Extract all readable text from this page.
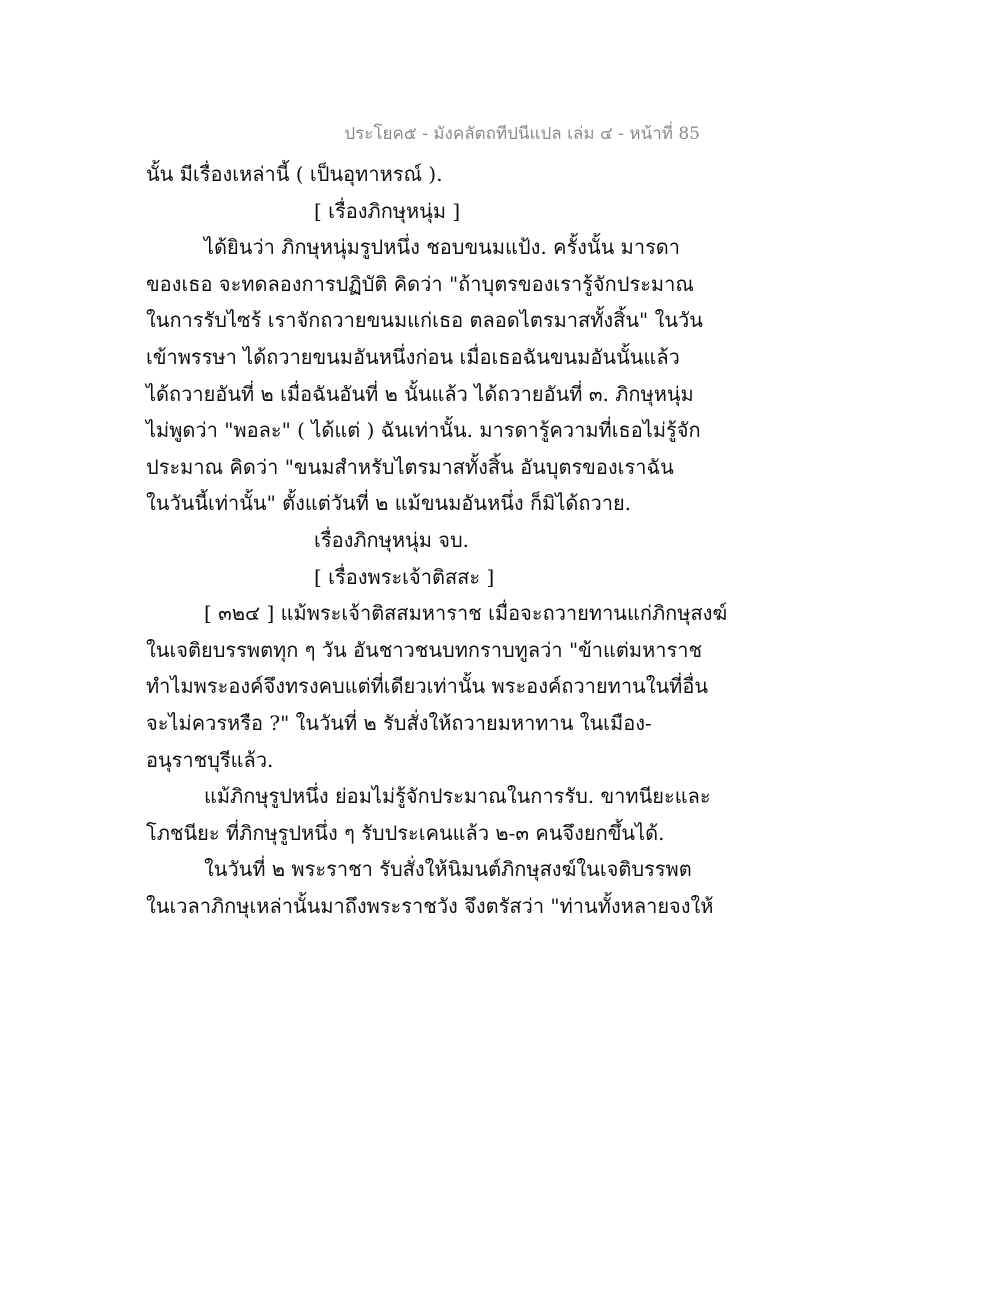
ประโยค๕ - มังคลัตถทีปนีแปล เล่ม ๔ - หน้าที่ 85
นั้น มีเรื่องเหล่านี้ ( เป็นอุทาหรณ์ ).
[ เรื่องภิกษุหนุ่ม ]
ได้ยินว่า ภิกษุหนุ่มรูปหนึ่ง ชอบขนมแป้ง. ครั้งนั้น มารดา
ของเธอ จะทดลองการปฏิบัติ คิดว่า "ถ้าบุตรของเรารู้จักประมาณ
ในการรับไซร้ เราจักถวายขนมแก่เธอ ตลอดไตรมาสทั้งสิ้น" ในวัน
เข้าพรรษา ได้ถวายขนมอันหนึ่งก่อน เมื่อเธอฉันขนมอันนั้นแล้ว
ได้ถวายอันที่ ๒ เมื่อฉันอันที่ ๒ นั้นแล้ว ได้ถวายอันที่ ๓. ภิกษุหนุ่ม
ไม่พูดว่า "พอละ" ( ได้แต่ ) ฉันเท่านั้น. มารดารู้ความที่เธอไม่รู้จัก
ประมาณ คิดว่า "ขนมสำหรับไตรมาสทั้งสิ้น อันบุตรของเราฉัน
ในวันนี้เท่านั้น" ตั้งแต่วันที่ ๒ แม้ขนมอันหนึ่ง ก็มิได้ถวาย.
เรื่องภิกษุหนุ่ม จบ.
[ เรื่องพระเจ้าติสสะ ]
[ ๓๒๔ ] แม้พระเจ้าติสสมหาราช เมื่อจะถวายทานแก่ภิกษุสงฆ์
ในเจติยบรรพตทุก ๆ วัน อันชาวชนบทกราบทูลว่า "ข้าแต่มหาราช
ทำไมพระองค์จึงทรงคบแต่ที่เดียวเท่านั้น พระองค์ถวายทานในที่อื่น
จะไม่ควรหรือ ?" ในวันที่ ๒ รับสั่งให้ถวายมหาทาน ในเมือง-
อนุราชบุรีแล้ว.
แม้ภิกษุรูปหนึ่ง ย่อมไม่รู้จักประมาณในการรับ. ขาทนียะและ
โภชนียะ ที่ภิกษุรูปหนึ่ง ๆ รับประเคนแล้ว ๒-๓ คนจึงยกขึ้นได้.
ในวันที่ ๒ พระราชา รับสั่งให้นิมนต์ภิกษุสงฆ์ในเจติบรรพต
ในเวลาภิกษุเหล่านั้นมาถึงพระราชวัง จึงตรัสว่า "ท่านทั้งหลายจงให้
